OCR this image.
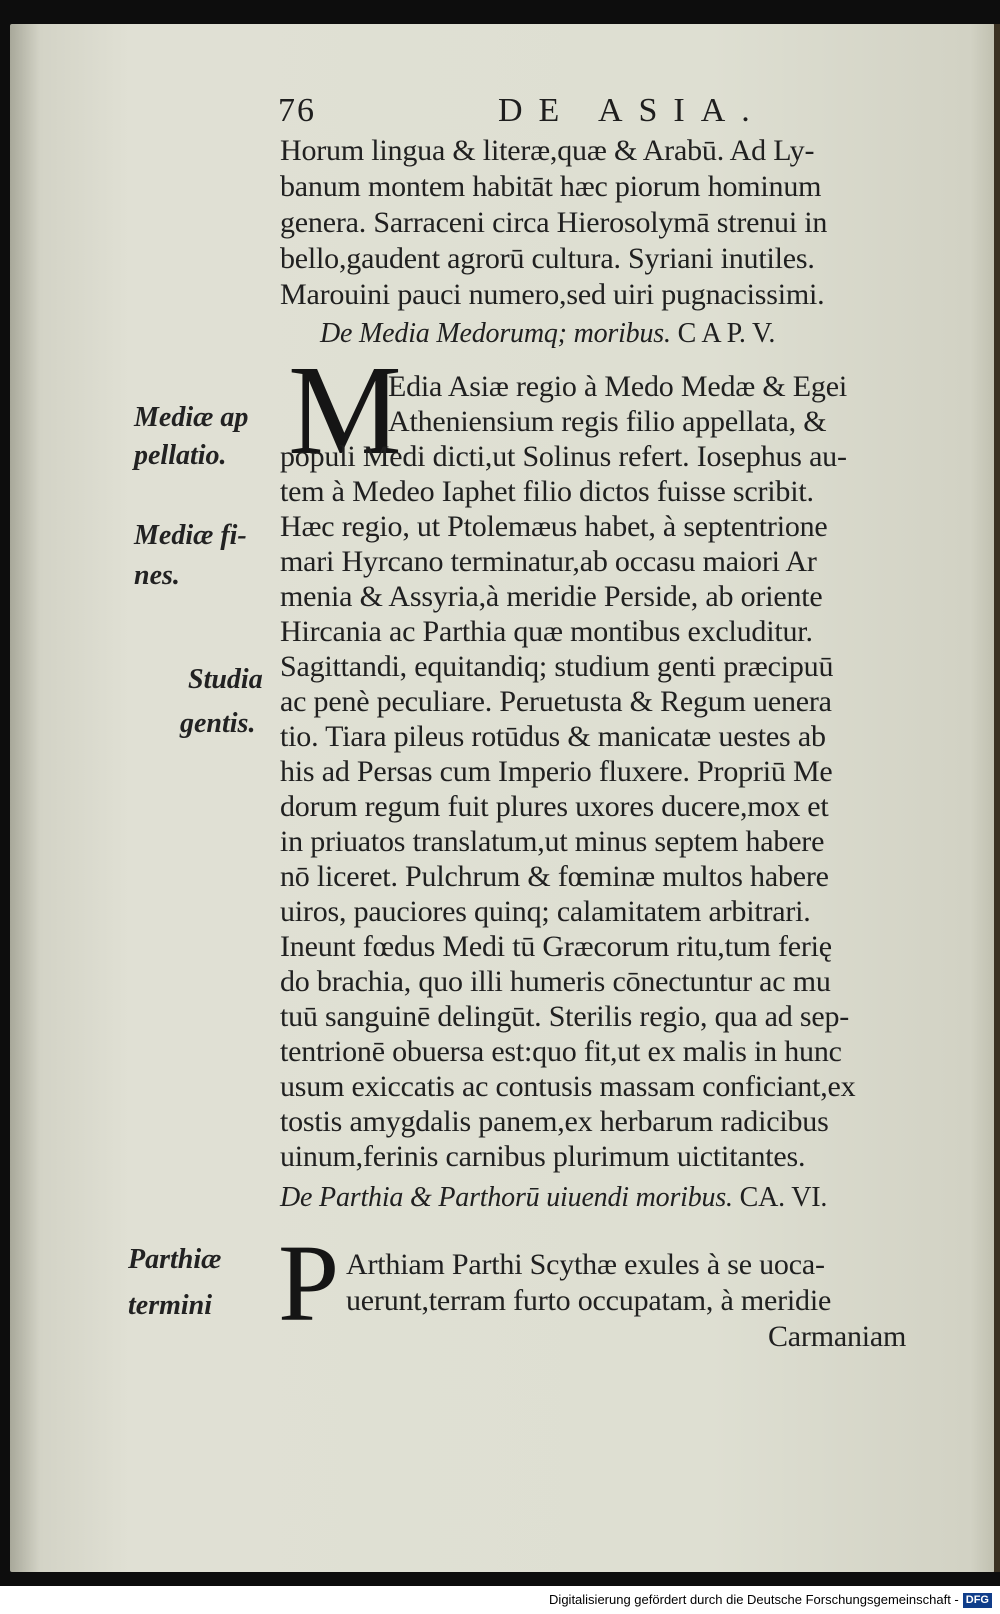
76	DE ASIA.
Horum lingua & literæ,quæ & Arabū. Ad Ly-
banum montem habitāt hæc piorum hominum
genera. Sarraceni circa Hierosolymā strenui in
bello,gaudent agrorū cultura. Syriani inutiles.
Marouini pauci numero,sed uiri pugnacissimi.
De Media Medorumq; moribus. C A P. V.
M
Edia Asiæ regio à Medo Medæ & Egei
Atheniensium regis filio appellata, &
populi Medi dicti,ut Solinus refert. Iosephus au-
tem à Medeo Iaphet filio dictos fuisse scribit.
Hæc regio, ut Ptolemæus habet, à septentrione
mari Hyrcano terminatur,ab occasu maiori Ar
menia & Assyria,à meridie Perside, ab oriente
Hircania ac Parthia quæ montibus excluditur.
Sagittandi, equitandiq; studium genti præcipuū
ac penè peculiare. Peruetusta & Regum uenera
tio. Tiara pileus rotūdus & manicatæ uestes ab
his ad Persas cum Imperio fluxere. Propriū Me
dorum regum fuit plures uxores ducere,mox et
in priuatos translatum,ut minus septem habere
nō liceret. Pulchrum & fœminæ multos habere
uiros, pauciores quinq; calamitatem arbitrari.
Ineunt fœdus Medi tū Græcorum ritu,tum ferię
do brachia, quo illi humeris cōnectuntur ac mu
tuū sanguinē delingūt. Sterilis regio, qua ad sep-
tentrionē obuersa est:quo fit,ut ex malis in hunc
usum exiccatis ac contusis massam conficiant,ex
tostis amygdalis panem,ex herbarum radicibus
uinum,ferinis carnibus plurimum uictitantes.
De Parthia & Parthorū uiuendi moribus. CA. VI.
P Arthiam Parthi Scythæ exules à se uoca-
uerunt,terram furto occupatam, à meridie
Carmaniam
Mediæ ap
pellatio.
Mediæ fi-
nes.
Studia
gentis.
Parthiæ
termini
Digitalisierung gefördert durch die Deutsche Forschungsgemeinschaft - DFG
